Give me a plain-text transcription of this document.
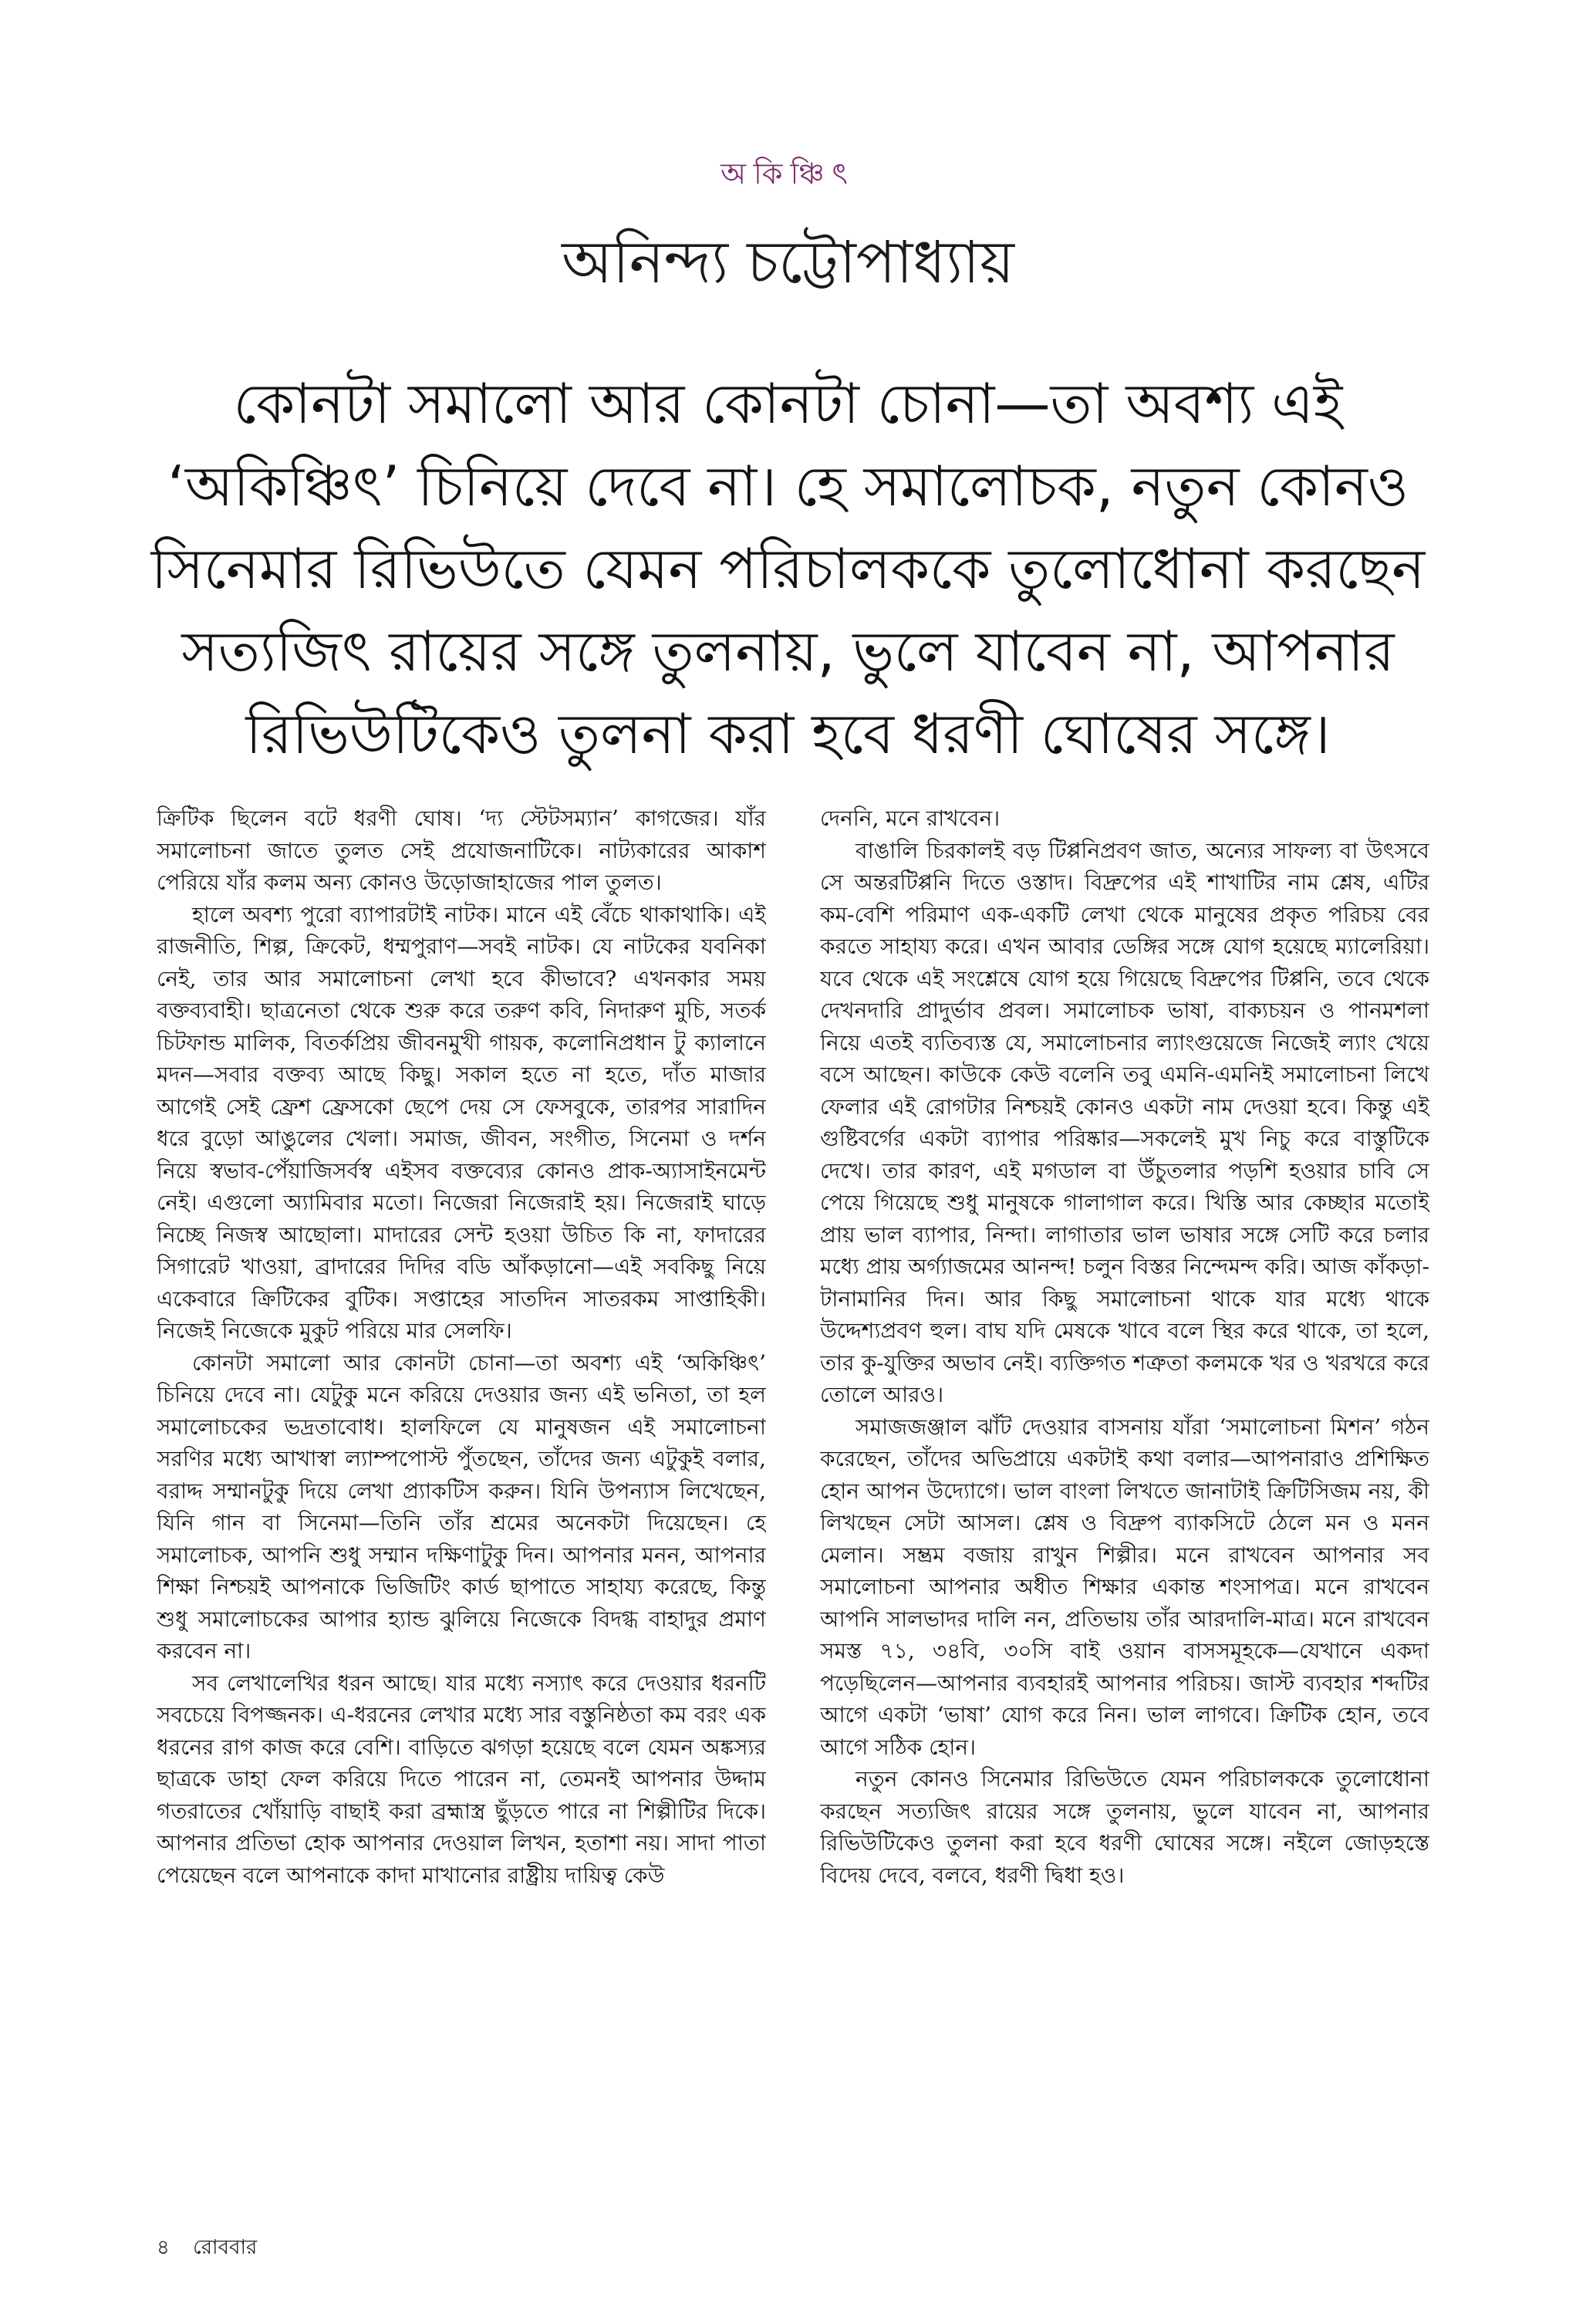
অকিঞ্চিৎ
অনিন্দ্য চট্টোপাধ্যায়
কোনটা সমালো আর কোনটা চোনা—তা অবশ্য এই ‘অকিঞ্চিৎ’ চিনিয়ে দেবে না। হে সমালোচক, নতুন কোনও সিনেমার রিভিউতে যেমন পরিচালককে তুলোধোনা করছেন সত্যজিৎ রায়ের সঙ্গে তুলনায়, ভুলে যাবেন না, আপনার রিভিউটিকেও তুলনা করা হবে ধরণী ঘোষের সঙ্গে।

ক্রিটিক ছিলেন বটে ধরণী ঘোষ। ‘দ্য স্টেটসম্যান’ কাগজের। যাঁর সমালোচনা জাতে তুলত সেই প্রযোজনাটিকে। নাট্যকারের আকাশ পেরিয়ে যাঁর কলম অন্য কোনও উড়োজাহাজের পাল তুলত।

হালে অবশ্য পুরো ব্যাপারটাই নাটক। মানে এই বেঁচে থাকাথাকি। এই রাজনীতি, শিল্প, ক্রিকেট, ধম্মপুরাণ—সবই নাটক। যে নাটকের যবনিকা নেই, তার আর সমালোচনা লেখা হবে কীভাবে? এখনকার সময় বক্তব্যবাহী। ছাত্রনেতা থেকে শুরু করে তরুণ কবি, নিদারুণ মুচি, সতর্ক চিটফান্ড মালিক, বিতর্কপ্রিয় জীবনমুখী গায়ক, কলোনিপ্রধান টু ক্যালানে মদন—সবার বক্তব্য আছে কিছু। সকাল হতে না হতে, দাঁত মাজার আগেই সেই ফ্রেশ ফ্রেসকো ছেপে দেয় সে ফেসবুকে, তারপর সারাদিন ধরে বুড়ো আঙুলের খেলা। সমাজ, জীবন, সংগীত, সিনেমা ও দর্শন নিয়ে স্বভাব-পেঁয়াজিসর্বস্ব এইসব বক্তব্যের কোনও প্রাক-অ্যাসাইনমেন্ট নেই। এগুলো অ্যামিবার মতো। নিজেরা নিজেরাই হয়। নিজেরাই ঘাড়ে নিচ্ছে নিজস্ব আছোলা। মাদারের সেন্ট হওয়া উচিত কি না, ফাদারের সিগারেট খাওয়া, ব্রাদারের দিদির বডি আঁকড়ানো—এই সবকিছু নিয়ে একেবারে ক্রিটিকের বুটিক। সপ্তাহের সাতদিন সাতরকম সাপ্তাহিকী। নিজেই নিজেকে মুকুট পরিয়ে মার সেলফি।

কোনটা সমালো আর কোনটা চোনা—তা অবশ্য এই ‘অকিঞ্চিৎ’ চিনিয়ে দেবে না। যেটুকু মনে করিয়ে দেওয়ার জন্য এই ভনিতা, তা হল সমালোচকের ভদ্রতাবোধ। হালফিলে যে মানুষজন এই সমালোচনা সরণির মধ্যে আখাস্বা ল্যাম্পপোস্ট পুঁতছেন, তাঁদের জন্য এটুকুই বলার, বরাদ্দ সম্মানটুকু দিয়ে লেখা প্র্যাকটিস করুন। যিনি উপন্যাস লিখেছেন, যিনি গান বা সিনেমা—তিনি তাঁর শ্রমের অনেকটা দিয়েছেন। হে সমালোচক, আপনি শুধু সম্মান দক্ষিণাটুকু দিন। আপনার মনন, আপনার শিক্ষা নিশ্চয়ই আপনাকে ভিজিটিং কার্ড ছাপাতে সাহায্য করেছে, কিন্তু শুধু সমালোচকের আপার হ্যান্ড ঝুলিয়ে নিজেকে বিদগ্ধ বাহাদুর প্রমাণ করবেন না।

সব লেখালেখির ধরন আছে। যার মধ্যে নস্যাৎ করে দেওয়ার ধরনটি সবচেয়ে বিপজ্জনক। এ-ধরনের লেখার মধ্যে সার বস্তুনিষ্ঠতা কম বরং এক ধরনের রাগ কাজ করে বেশি। বাড়িতে ঝগড়া হয়েছে বলে যেমন অঙ্কস্যর ছাত্রকে ডাহা ফেল করিয়ে দিতে পারেন না, তেমনই আপনার উদ্দাম গতরাতের খোঁয়াড়ি বাছাই করা ব্রহ্মাস্ত্র ছুঁড়তে পারে না শিল্পীটির দিকে। আপনার প্রতিভা হোক আপনার দেওয়াল লিখন, হতাশা নয়। সাদা পাতা পেয়েছেন বলে আপনাকে কাদা মাখানোর রাষ্ট্রীয় দায়িত্ব কেউ

দেননি, মনে রাখবেন।

বাঙালি চিরকালই বড় টিপ্পনিপ্রবণ জাত, অন্যের সাফল্য বা উৎসবে সে অন্তরটিপ্পনি দিতে ওস্তাদ। বিদ্রুপের এই শাখাটির নাম শ্লেষ, এটির কম-বেশি পরিমাণ এক-একটি লেখা থেকে মানুষের প্রকৃত পরিচয় বের করতে সাহায্য করে। এখন আবার ডেঙ্গির সঙ্গে যোগ হয়েছে ম্যালেরিয়া। যবে থেকে এই সংশ্লেষে যোগ হয়ে গিয়েছে বিদ্রুপের টিপ্পনি, তবে থেকে দেখনদারি প্রাদুর্ভাব প্রবল। সমালোচক ভাষা, বাক্যচয়ন ও পানমশলা নিয়ে এতই ব্যতিব্যস্ত যে, সমালোচনার ল্যাংগুয়েজে নিজেই ল্যাং খেয়ে বসে আছেন। কাউকে কেউ বলেনি তবু এমনি-এমনিই সমালোচনা লিখে ফেলার এই রোগটার নিশ্চয়ই কোনও একটা নাম দেওয়া হবে। কিন্তু এই গুষ্টিবর্গের একটা ব্যাপার পরিষ্কার—সকলেই মুখ নিচু করে বাস্তুটিকে দেখে। তার কারণ, এই মগডাল বা উঁচুতলার পড়শি হওয়ার চাবি সে পেয়ে গিয়েছে শুধু মানুষকে গালাগাল করে। খিস্তি আর কেচ্ছার মতোই প্রায় ভাল ব্যাপার, নিন্দা। লাগাতার ভাল ভাষার সঙ্গে সেটি করে চলার মধ্যে প্রায় অর্গ্যাজমের আনন্দ! চলুন বিস্তর নিন্দেমন্দ করি। আজ কাঁকড়া-টানামানির দিন। আর কিছু সমালোচনা থাকে যার মধ্যে থাকে উদ্দেশ্যপ্রবণ হুল। বাঘ যদি মেষকে খাবে বলে স্থির করে থাকে, তা হলে, তার কু-যুক্তির অভাব নেই। ব্যক্তিগত শত্রুতা কলমকে খর ও খরখরে করে তোলে আরও।

সমাজজঞ্জাল ঝাঁট দেওয়ার বাসনায় যাঁরা ‘সমালোচনা মিশন’ গঠন করেছেন, তাঁদের অভিপ্রায়ে একটাই কথা বলার—আপনারাও প্রশিক্ষিত হোন আপন উদ্যোগে। ভাল বাংলা লিখতে জানাটাই ক্রিটিসিজম নয়, কী লিখছেন সেটা আসল। শ্লেষ ও বিদ্রুপ ব্যাকসিটে ঠেলে মন ও মনন মেলান। সম্ভ্রম বজায় রাখুন শিল্পীর। মনে রাখবেন আপনার সব সমালোচনা আপনার অধীত শিক্ষার একান্ত শংসাপত্র। মনে রাখবেন আপনি সালভাদর দালি নন, প্রতিভায় তাঁর আরদালি-মাত্র। মনে রাখবেন সমস্ত ৭১, ৩৪বি, ৩০সি বাই ওয়ান বাসসমূহকে—যেখানে একদা পড়েছিলেন—আপনার ব্যবহারই আপনার পরিচয়। জাস্ট ব্যবহার শব্দটির আগে একটা ‘ভাষা’ যোগ করে নিন। ভাল লাগবে। ক্রিটিক হোন, তবে আগে সঠিক হোন।

নতুন কোনও সিনেমার রিভিউতে যেমন পরিচালককে তুলোধোনা করছেন সত্যজিৎ রায়ের সঙ্গে তুলনায়, ভুলে যাবেন না, আপনার রিভিউটিকেও তুলনা করা হবে ধরণী ঘোষের সঙ্গে। নইলে জোড়হস্তে বিদেয় দেবে, বলবে, ধরণী দ্বিধা হও।

৪ রোববার
